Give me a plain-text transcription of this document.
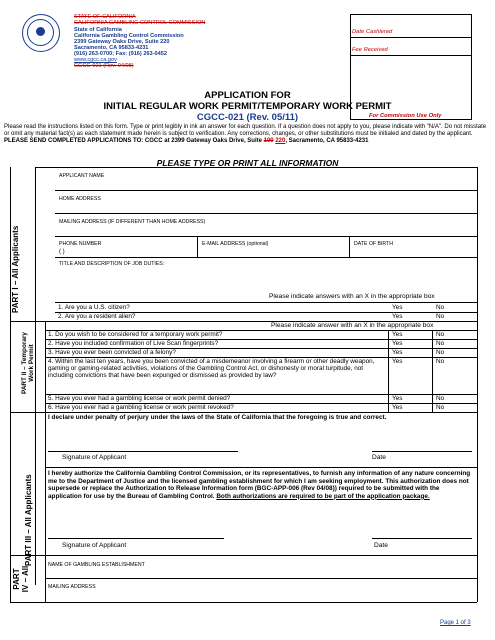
STATE OF CALIFORNIA
CALIFORNIA GAMBLING CONTROL COMMISSION
State of California
California Gambling Control Commission
2399 Gateway Oaks Drive, Suite 220
Sacramento, CA 95833-4231
(916) 263-0700; Fax: (916) 263-0452
www.cgcc.ca.gov
CGCC-021 (Rev. 04/08)
Date Cashiered
Fee Received
For Commission Use Only
APPLICATION FOR
INITIAL REGULAR WORK PERMIT/TEMPORARY WORK PERMIT
CGCC-021 (Rev. 05/11)
Please read the instructions listed on this form. Type or print legibly in ink an answer for each question. If a question does not apply to you, please indicate with "N/A". Do not misstate or omit any material fact(s) as each statement made herein is subject to verification. Any corrections, changes, or other substitutions must be initialed and dated by the applicant. PLEASE SEND COMPLETED APPLICATIONS TO: CGCC at 2399 Gateway Oaks Drive, Suite 100 220, Sacramento, CA 95833-4231
PLEASE TYPE OR PRINT ALL INFORMATION
PART I – All Applicants
APPLICANT NAME
HOME ADDRESS
MAILING ADDRESS (IF DIFFERENT THAN HOME ADDRESS)
PHONE NUMBER
( )
E-MAIL ADDRESS (optional)	DATE OF BIRTH
TITLE AND DESCRIPTION OF JOB DUTIES:
Please indicate answers with an X in the appropriate box
1. Are you a U.S. citizen?	Yes	No
2. Are you a resident alien?	Yes	No
PART II – Temporary
Work Permit
Please indicate answer with an X in the appropriate box
1. Do you wish to be considered for a temporary work permit?	Yes	No
2. Have you included confirmation of Live Scan fingerprints?	Yes	No
3. Have you ever been convicted of a felony?	Yes	No
4. Within the last ten years, have you been convicted of a misdemeanor involving a firearm or other deadly weapon, gaming or gaming-related activities, violations of the Gambling Control Act, or dishonesty or moral turpitude, not including convictions that have been expunged or dismissed as provided by law?
Yes	No
5. Have you ever had a gambling license or work permit denied?	Yes	No
6. Have you ever had a gambling license or work permit revoked?	Yes	No
PART III – All Applicants
I declare under penalty of perjury under the laws of the State of California that the foregoing is true and correct.
Signature of Applicant	Date
I hereby authorize the California Gambling Control Commission, or its representatives, to furnish any information of any nature concerning me to the Department of Justice and the licensed gambling establishment for which I am seeking employment. This authorization does not supersede or replace the Authorization to Release Information form (BGC-APP-006 (Rev 04/08)) required to be submitted with the application for use by the Bureau of Gambling Control. Both authorizations are required to be part of the application package.
Signature of Applicant	Date
PART
IV – All
NAME OF GAMBLING ESTABLISHMENT
MAILING ADDRESS
Page 1 of 3
